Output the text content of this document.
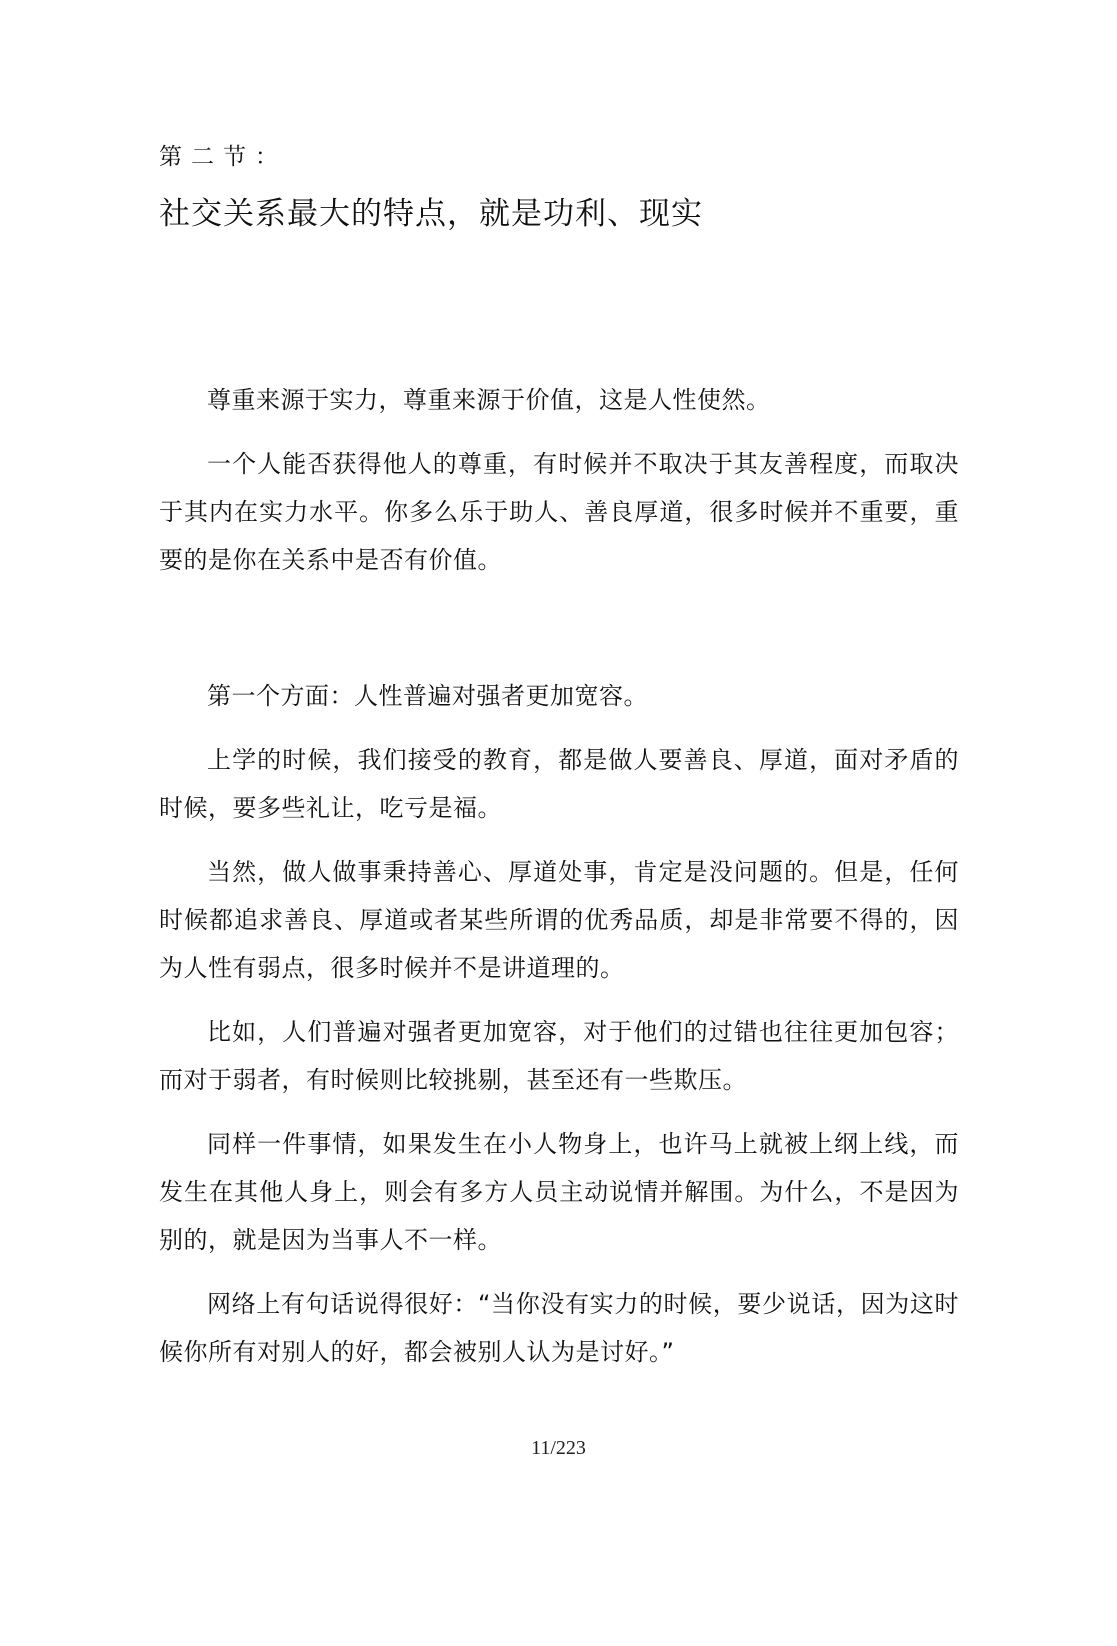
第二节：
社交关系最大的特点，就是功利、现实

尊重来源于实力，尊重来源于价值，这是人性使然。

一个人能否获得他人的尊重，有时候并不取决于其友善程度，而取决于其内在实力水平。你多么乐于助人、善良厚道，很多时候并不重要，重要的是你在关系中是否有价值。

第一个方面：人性普遍对强者更加宽容。

上学的时候，我们接受的教育，都是做人要善良、厚道，面对矛盾的时候，要多些礼让，吃亏是福。

当然，做人做事秉持善心、厚道处事，肯定是没问题的。但是，任何时候都追求善良、厚道或者某些所谓的优秀品质，却是非常要不得的，因为人性有弱点，很多时候并不是讲道理的。

比如，人们普遍对强者更加宽容，对于他们的过错也往往更加包容；而对于弱者，有时候则比较挑剔，甚至还有一些欺压。

同样一件事情，如果发生在小人物身上，也许马上就被上纲上线，而发生在其他人身上，则会有多方人员主动说情并解围。为什么，不是因为别的，就是因为当事人不一样。

网络上有句话说得很好：“当你没有实力的时候，要少说话，因为这时候你所有对别人的好，都会被别人认为是讨好。”

11/223
